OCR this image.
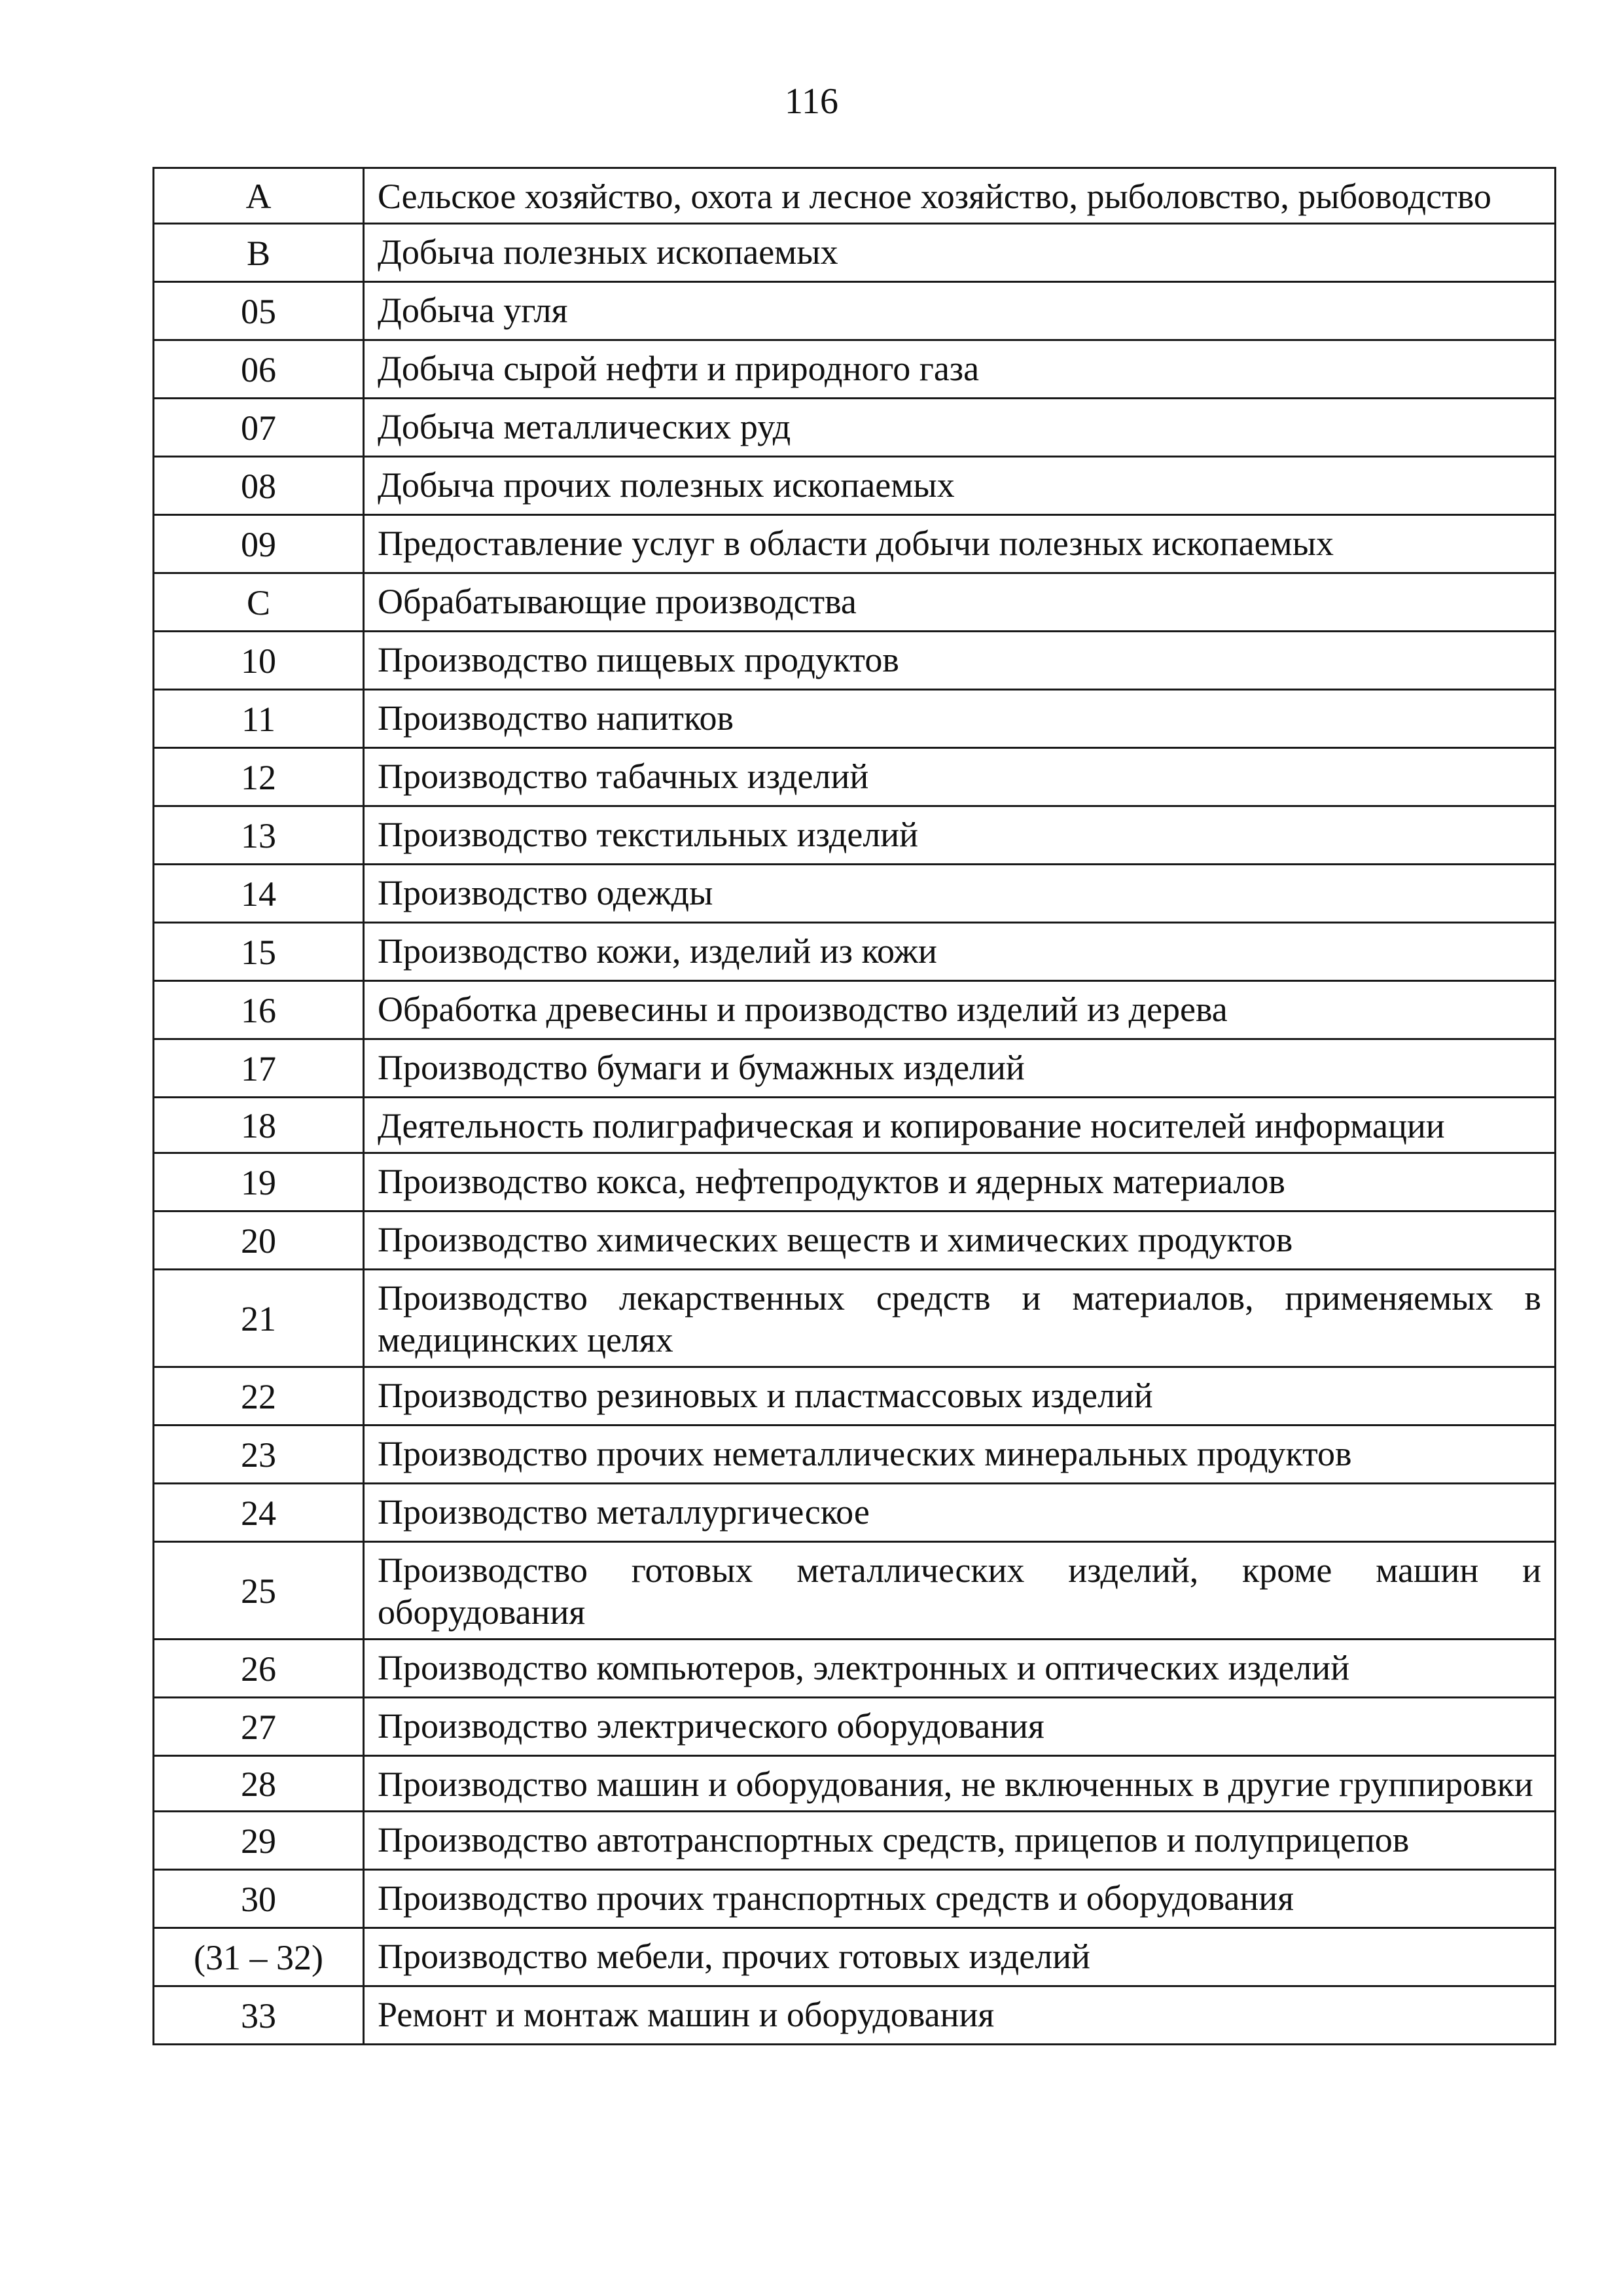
116
A	Сельское хозяйство, охота и лесное хозяйство, рыболовство, рыбоводство
B	Добыча полезных ископаемых
05	Добыча угля
06	Добыча сырой нефти и природного газа
07	Добыча металлических руд
08	Добыча прочих полезных ископаемых
09	Предоставление услуг в области добычи полезных ископаемых
C	Обрабатывающие производства
10	Производство пищевых продуктов
11	Производство напитков
12	Производство табачных изделий
13	Производство текстильных изделий
14	Производство одежды
15	Производство кожи, изделий из кожи
16	Обработка древесины и производство изделий из дерева
17	Производство бумаги и бумажных изделий
18	Деятельность полиграфическая и копирование носителей информации
19	Производство кокса, нефтепродуктов и ядерных материалов
20	Производство химических веществ и химических продуктов
21	Производство лекарственных средств и материалов, применяемых в медицинских целях
22	Производство резиновых и пластмассовых изделий
23	Производство прочих неметаллических минеральных продуктов
24	Производство металлургическое
25	Производство готовых металлических изделий, кроме машин и оборудования
26	Производство компьютеров, электронных и оптических изделий
27	Производство электрического оборудования
28	Производство машин и оборудования, не включенных в другие группировки
29	Производство автотранспортных средств, прицепов и полуприцепов
30	Производство прочих транспортных средств и оборудования
(31 – 32)	Производство мебели, прочих готовых изделий
33	Ремонт и монтаж машин и оборудования
